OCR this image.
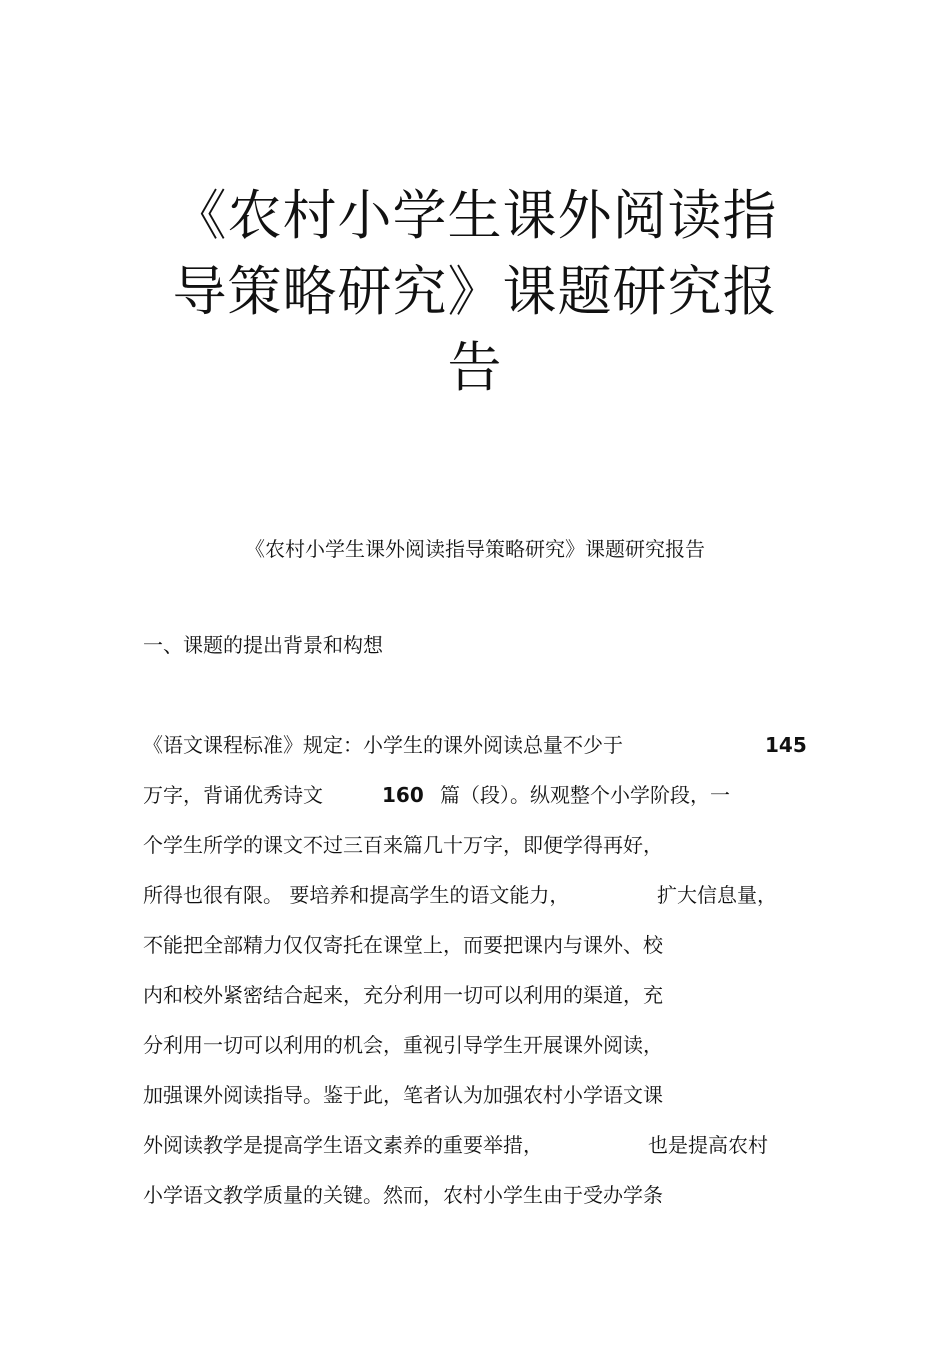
《农村小学生课外阅读指
导策略研究》课题研究报
告

《农村小学生课外阅读指导策略研究》课题研究报告

一、课题的提出背景和构想
《语文课程标准》规定：小学生的课外阅读总量不少于	145
万字，背诵优秀诗文	160 篇（段）。纵观整个小学阶段，一
个学生所学的课文不过三百来篇几十万字，即便学得再好，
所得也很有限。 要培养和提高学生的语文能力，	扩大信息量，
不能把全部精力仅仅寄托在课堂上，而要把课内与课外、校
内和校外紧密结合起来，充分利用一切可以利用的渠道，充
分利用一切可以利用的机会，重视引导学生开展课外阅读，
加强课外阅读指导。鉴于此，笔者认为加强农村小学语文课
外阅读教学是提高学生语文素养的重要举措，	也是提高农村
小学语文教学质量的关键。然而，农村小学生由于受办学条
